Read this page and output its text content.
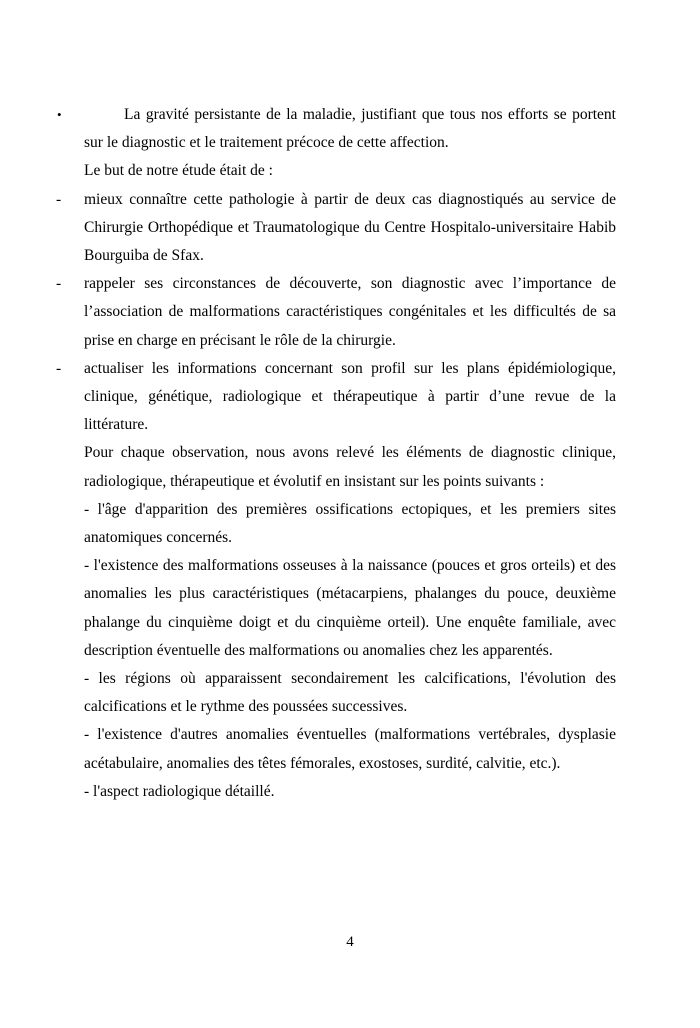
•	La gravité persistante de la maladie, justifiant que tous nos efforts se portent sur le diagnostic et le traitement précoce de cette affection.
Le but de notre étude était de :
- mieux connaître cette pathologie à partir de deux cas diagnostiqués au service de Chirurgie Orthopédique et Traumatologique du Centre Hospitalo-universitaire Habib Bourguiba de Sfax.
- rappeler ses circonstances de découverte, son diagnostic avec l’importance de l’association de malformations caractéristiques congénitales et les difficultés de sa prise en charge en précisant le rôle de la chirurgie.
- actualiser les informations concernant son profil sur les plans épidémiologique, clinique, génétique, radiologique et thérapeutique à partir d’une revue de la littérature.
Pour chaque observation, nous avons relevé les éléments de diagnostic clinique, radiologique, thérapeutique et évolutif en insistant sur les points suivants :
- l'âge d'apparition des premières ossifications ectopiques, et les premiers sites anatomiques concernés.
- l'existence des malformations osseuses à la naissance (pouces et gros orteils) et des anomalies les plus caractéristiques (métacarpiens, phalanges du pouce, deuxième phalange du cinquième doigt et du cinquième orteil). Une enquête familiale, avec description éventuelle des malformations ou anomalies chez les apparentés.
- les régions où apparaissent secondairement les calcifications, l'évolution des calcifications et le rythme des poussées successives.
- l'existence d'autres anomalies éventuelles (malformations vertébrales, dysplasie acétabulaire, anomalies des têtes fémorales, exostoses, surdité, calvitie, etc.).
- l'aspect radiologique détaillé.
4
